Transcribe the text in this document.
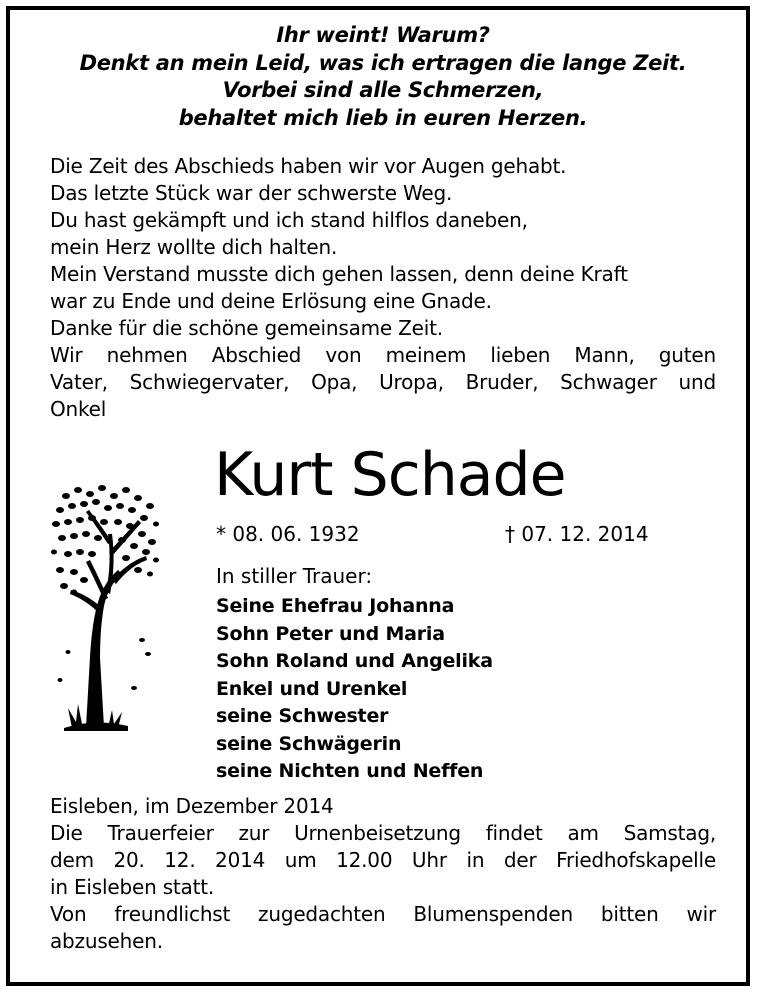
Ihr weint! Warum?
Denkt an mein Leid, was ich ertragen die lange Zeit.
Vorbei sind alle Schmerzen,
behaltet mich lieb in euren Herzen.
Die Zeit des Abschieds haben wir vor Augen gehabt.
Das letzte Stück war der schwerste Weg.
Du hast gekämpft und ich stand hilflos daneben,
mein Herz wollte dich halten.
Mein Verstand musste dich gehen lassen, denn deine Kraft
war zu Ende und deine Erlösung eine Gnade.
Danke für die schöne gemeinsame Zeit.
Wir nehmen Abschied von meinem lieben Mann, guten
Vater, Schwiegervater, Opa, Uropa, Bruder, Schwager und
Onkel
Kurt Schade
* 08. 06. 1932	† 07. 12. 2014
In stiller Trauer:
Seine Ehefrau Johanna
Sohn Peter und Maria
Sohn Roland und Angelika
Enkel und Urenkel
seine Schwester
seine Schwägerin
seine Nichten und Neffen
Eisleben, im Dezember 2014
Die Trauerfeier zur Urnenbeisetzung findet am Samstag,
dem 20. 12. 2014 um 12.00 Uhr in der Friedhofskapelle
in Eisleben statt.
Von freundlichst zugedachten Blumenspenden bitten wir
abzusehen.
